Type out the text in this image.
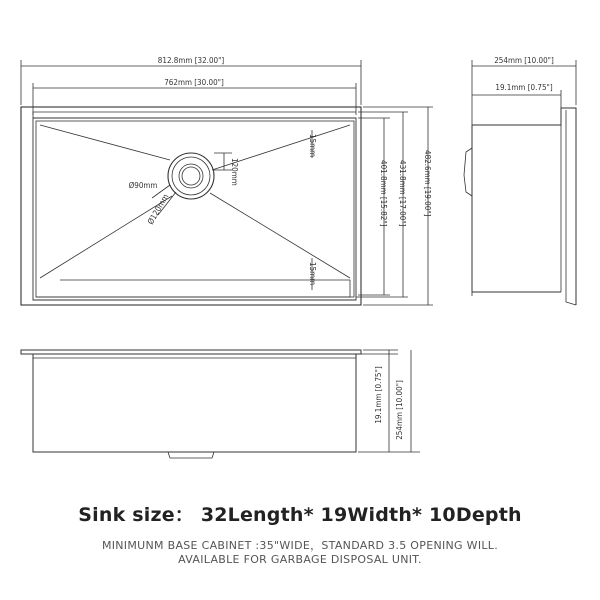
812.8mm [32.00"]
762mm [30.00"]
120mm
Ø90mm
Ø120mm
15mm
15mm
401.8mm [15.82"] 431.8mm [17.00"] 482.6mm [19.00"]
254mm [10.00"]
19.1mm [0.75"]
19.1mm [0.75"] 254mm [10.00"]
Sink size： 32Length* 19Width* 10Depth
MINIMUNM BASE CABINET :35"WIDE，STANDARD 3.5 OPENING WILL.
AVAILABLE FOR GARBAGE DISPOSAL UNIT.
